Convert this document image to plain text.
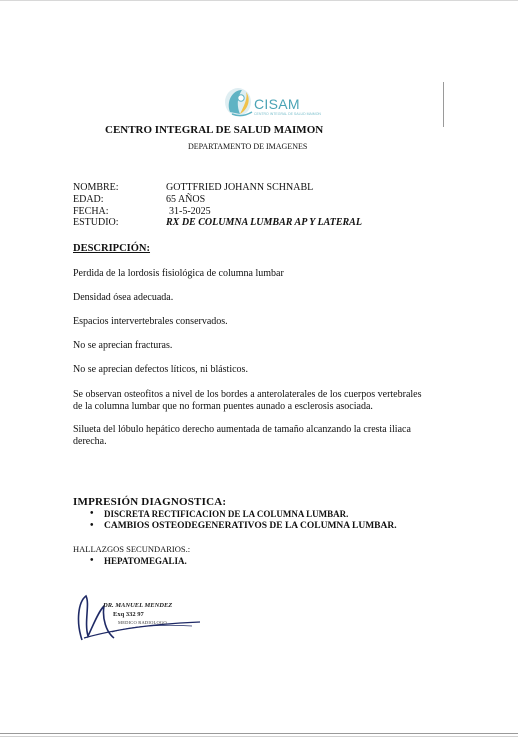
CISAM
CENTRO INTEGRAL DE SALUD MAIMON
CENTRO INTEGRAL DE SALUD MAIMON
DEPARTAMENTO DE IMAGENES
NOMBRE:	GOTTFRIED JOHANN SCHNABL
EDAD:	65 AÑOS
FECHA:	31-5-2025
ESTUDIO:	RX DE COLUMNA LUMBAR AP Y LATERAL
DESCRIPCIÓN:
Perdida de la lordosis fisiológica de columna lumbar
Densidad ósea adecuada.
Espacios intervertebrales conservados.
No se aprecian fracturas.
No se aprecian defectos líticos, ni blásticos.
Se observan osteofitos a nivel de los bordes a anterolaterales de los cuerpos vertebrales de la columna lumbar que no forman puentes aunado a esclerosis asociada.
Silueta del lóbulo hepático derecho aumentada de tamaño alcanzando la cresta iliaca derecha.
IMPRESIÓN DIAGNOSTICA:
• DISCRETA RECTIFICACION DE LA COLUMNA LUMBAR.
• CAMBIOS OSTEODEGENERATIVOS DE LA COLUMNA LUMBAR.
HALLAZGOS SECUNDARIOS.:
• HEPATOMEGALIA.
DR. MANUEL MENDEZ
Exq 332 97
MEDICO RADIOLOGO
